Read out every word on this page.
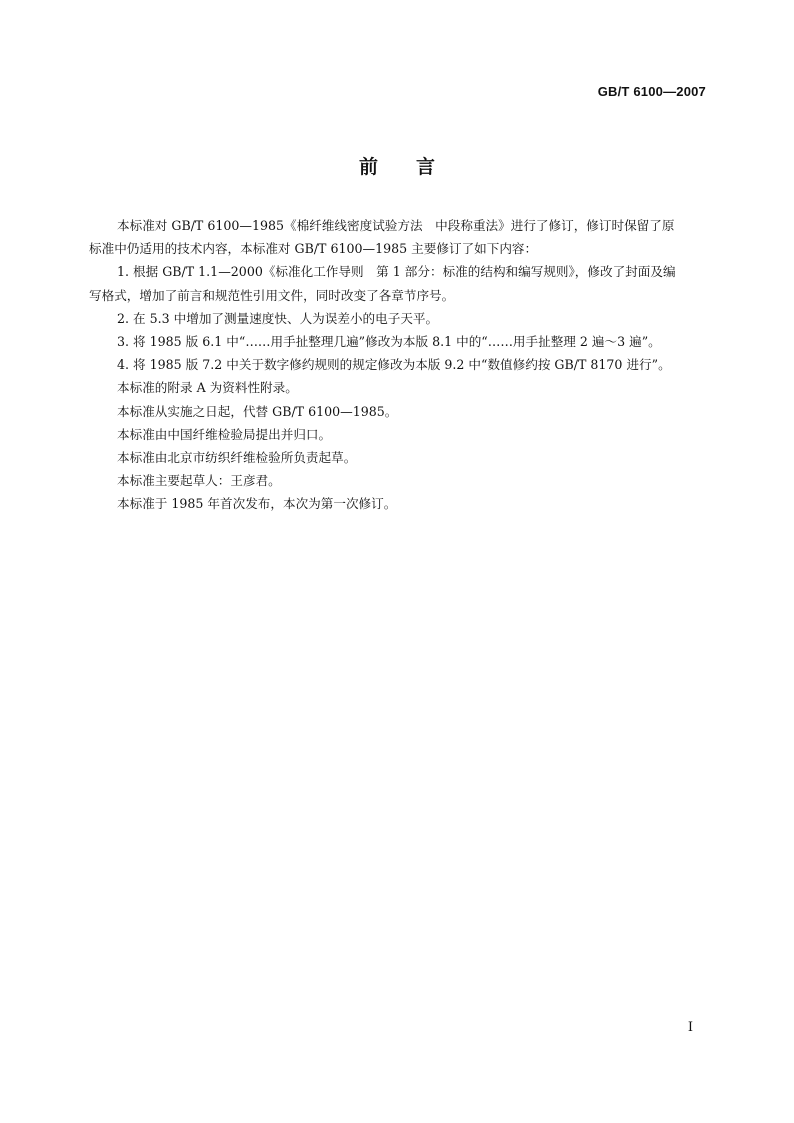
GB/T 6100—2007
前言

本标准对 GB/T 6100—1985《棉纤维线密度试验方法　中段称重法》进行了修订，修订时保留了原

标准中仍适用的技术内容，本标准对 GB/T 6100—1985 主要修订了如下内容：

1. 根据 GB/T 1.1—2000《标准化工作导则　第 1 部分：标准的结构和编写规则》，修改了封面及编

写格式，增加了前言和规范性引用文件，同时改变了各章节序号。

2. 在 5.3 中增加了测量速度快、人为误差小的电子天平。

3. 将 1985 版 6.1 中“……用手扯整理几遍”修改为本版 8.1 中的“……用手扯整理 2 遍～3 遍”。

4. 将 1985 版 7.2 中关于数字修约规则的规定修改为本版 9.2 中“数值修约按 GB/T 8170 进行”。

本标准的附录 A 为资料性附录。

本标准从实施之日起，代替 GB/T 6100—1985。

本标准由中国纤维检验局提出并归口。

本标准由北京市纺织纤维检验所负责起草。

本标准主要起草人：王彦君。

本标准于 1985 年首次发布，本次为第一次修订。

I
